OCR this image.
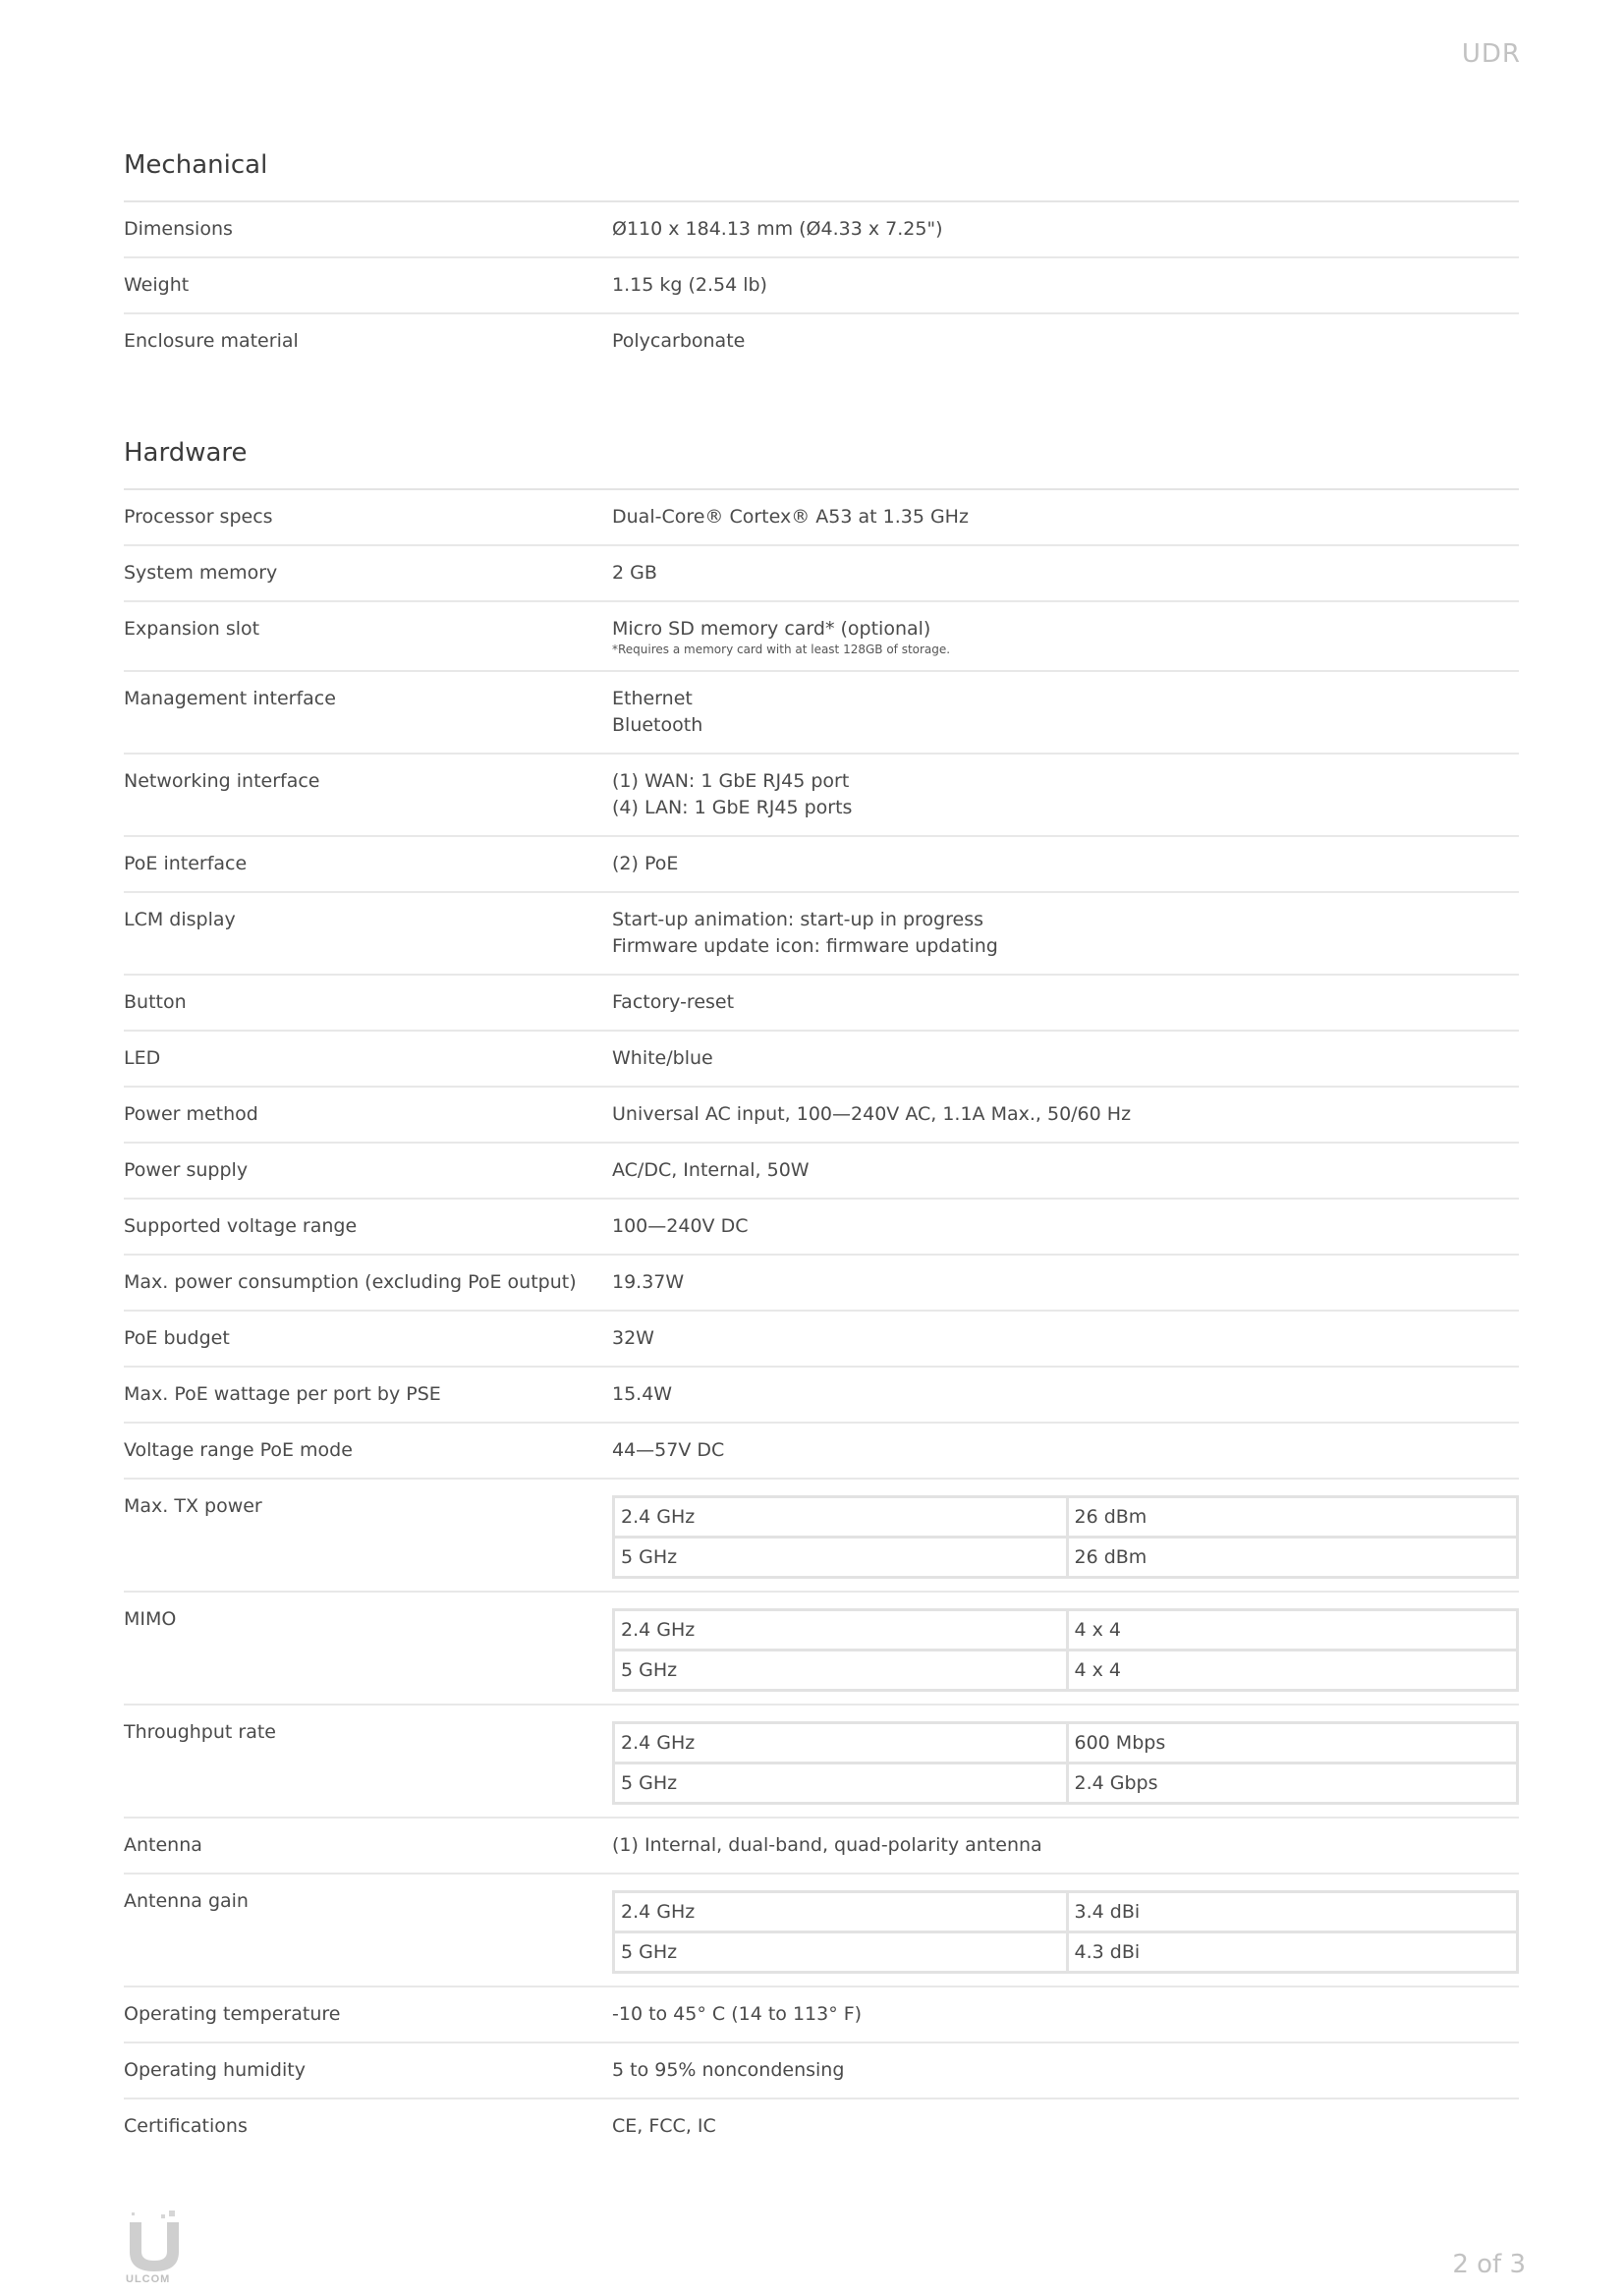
UDR
Mechanical
Dimensions	Ø110 x 184.13 mm (Ø4.33 x 7.25")
Weight	1.15 kg (2.54 lb)
Enclosure material	Polycarbonate
Hardware
Processor specs	Dual-Core® Cortex® A53 at 1.35 GHz
System memory	2 GB
Expansion slot	Micro SD memory card* (optional)
*Requires a memory card with at least 128GB of storage.
Management interface	Ethernet
Bluetooth
Networking interface	(1) WAN: 1 GbE RJ45 port
(4) LAN: 1 GbE RJ45 ports
PoE interface	(2) PoE
LCM display	Start-up animation: start-up in progress
Firmware update icon: firmware updating
Button	Factory-reset
LED	White/blue
Power method	Universal AC input, 100—240V AC, 1.1A Max., 50/60 Hz
Power supply	AC/DC, Internal, 50W
Supported voltage range	100—240V DC
Max. power consumption (excluding PoE output)	19.37W
PoE budget	32W
Max. PoE wattage per port by PSE	15.4W
Voltage range PoE mode	44—57V DC
Max. TX power	2.4 GHz	26 dBm
5 GHz	26 dBm
MIMO	2.4 GHz	4 x 4
5 GHz	4 x 4
Throughput rate	2.4 GHz	600 Mbps
5 GHz	2.4 Gbps
Antenna	(1) Internal, dual-band, quad-polarity antenna
Antenna gain	2.4 GHz	3.4 dBi
5 GHz	4.3 dBi
Operating temperature	-10 to 45° C (14 to 113° F)
Operating humidity	5 to 95% noncondensing
Certifications	CE, FCC, IC
ULCOM	2 of 3
